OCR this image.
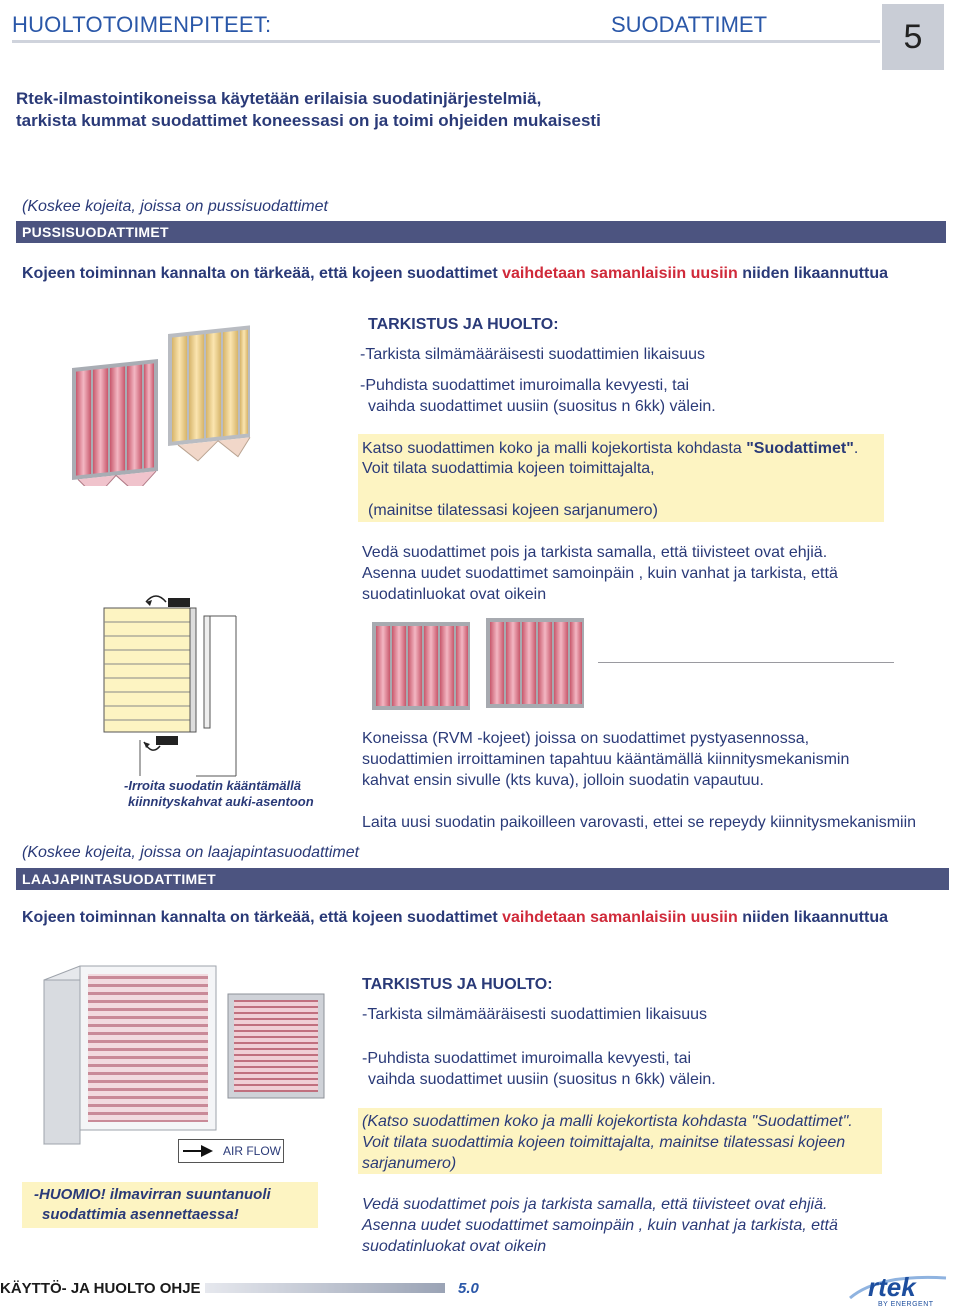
HUOLTOTOIMENPITEET:	SUODATTIMET	5
Rtek-ilmastointikoneissa käytetään erilaisia suodatinjärjestelmiä,
tarkista kummat suodattimet koneessasi on ja toimi ohjeiden mukaisesti
(Koskee kojeita, joissa on pussisuodattimet
PUSSISUODATTIMET
Kojeen toiminnan kannalta on tärkeää, että kojeen suodattimet vaihdetaan samanlaisiin uusiin niiden likaannuttua
TARKISTUS JA HUOLTO:
-Tarkista silmämääräisesti suodattimien likaisuus
-Puhdista suodattimet imuroimalla kevyesti, tai
vaihda suodattimet uusiin (suositus n 6kk) välein.
Katso suodattimen koko ja malli kojekortista kohdasta "Suodattimet".
Voit tilata suodattimia kojeen toimittajalta,
(mainitse tilatessasi kojeen sarjanumero)
Vedä suodattimet pois ja tarkista samalla, että tiivisteet ovat ehjiä.
Asenna uudet suodattimet samoinpäin , kuin vanhat ja tarkista, että
suodatinluokat ovat oikein
-Irroita suodatin kääntämällä
kiinnityskahvat auki-asentoon
Koneissa (RVM -kojeet) joissa on suodattimet pystyasennossa,
suodattimien irroittaminen tapahtuu kääntämällä kiinnitysmekanismin
kahvat ensin sivulle (kts kuva), jolloin suodatin vapautuu.
Laita uusi suodatin paikoilleen varovasti, ettei se repeydy kiinnitysmekanismiin
(Koskee kojeita, joissa on laajapintasuodattimet
LAAJAPINTASUODATTIMET
Kojeen toiminnan kannalta on tärkeää, että kojeen suodattimet vaihdetaan samanlaisiin uusiin niiden likaannuttua
AIR FLOW
-HUOMIO! ilmavirran suuntanuoli
suodattimia asennettaessa!
TARKISTUS JA HUOLTO:
-Tarkista silmämääräisesti suodattimien likaisuus
-Puhdista suodattimet imuroimalla kevyesti, tai
vaihda suodattimet uusiin (suositus n 6kk) välein.
(Katso suodattimen koko ja malli kojekortista kohdasta "Suodattimet".
Voit tilata suodattimia kojeen toimittajalta, mainitse tilatessasi kojeen
sarjanumero)
Vedä suodattimet pois ja tarkista samalla, että tiivisteet ovat ehjiä.
Asenna uudet suodattimet samoinpäin , kuin vanhat ja tarkista, että
suodatinluokat ovat oikein
KÄYTTÖ- JA HUOLTO OHJE	5.0	rtek
BY ENERGENT
